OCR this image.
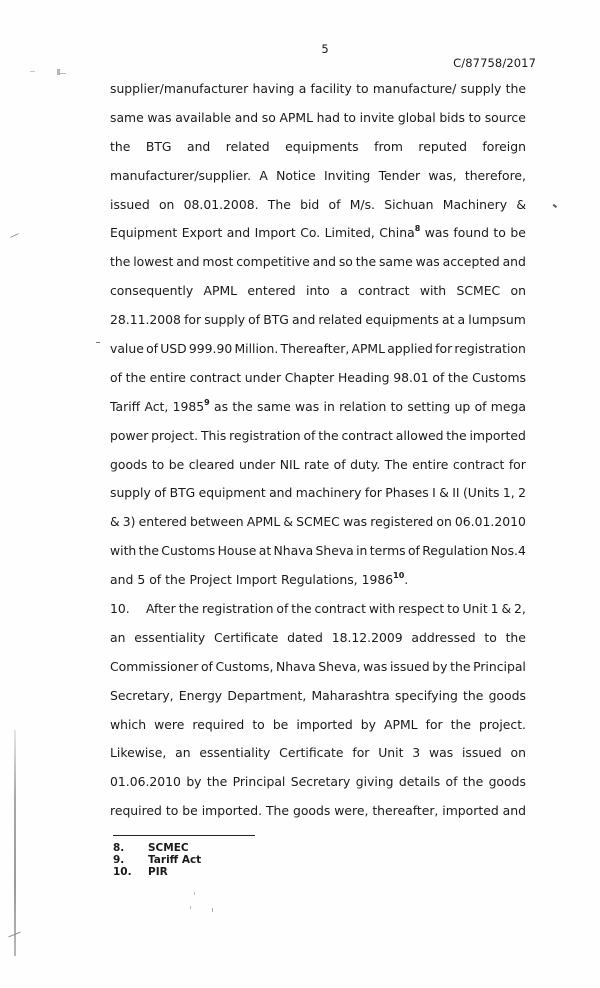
5
C/87758/2017
supplier/manufacturer having a facility to manufacture/ supply the
same was available and so APML had to invite global bids to source
the BTG and related equipments from reputed foreign
manufacturer/supplier. A Notice Inviting Tender was, therefore,
issued on 08.01.2008. The bid of M/s. Sichuan Machinery &
Equipment Export and Import Co. Limited, China$^8$ was found to be
the lowest and most competitive and so the same was accepted and
consequently APML entered into a contract with SCMEC on
28.11.2008 for supply of BTG and related equipments at a lumpsum
value of USD 999.90 Million. Thereafter, APML applied for registration
of the entire contract under Chapter Heading 98.01 of the Customs
Tariff Act, 1985$^9$ as the same was in relation to setting up of mega
power project. This registration of the contract allowed the imported
goods to be cleared under NIL rate of duty. The entire contract for
supply of BTG equipment and machinery for Phases I & II (Units 1, 2
& 3) entered between APML & SCMEC was registered on 06.01.2010
with the Customs House at Nhava Sheva in terms of Regulation Nos.4
and 5 of the Project Import Regulations, 1986$^{10}$.
10.	After the registration of the contract with respect to Unit 1 & 2,
an essentiality Certificate dated 18.12.2009 addressed to the
Commissioner of Customs, Nhava Sheva, was issued by the Principal
Secretary, Energy Department, Maharashtra specifying the goods
which were required to be imported by APML for the project.
Likewise, an essentiality Certificate for Unit 3 was issued on
01.06.2010 by the Principal Secretary giving details of the goods
required to be imported. The goods were, thereafter, imported and
8.	SCMEC
9.	Tariff Act
10.	PIR
